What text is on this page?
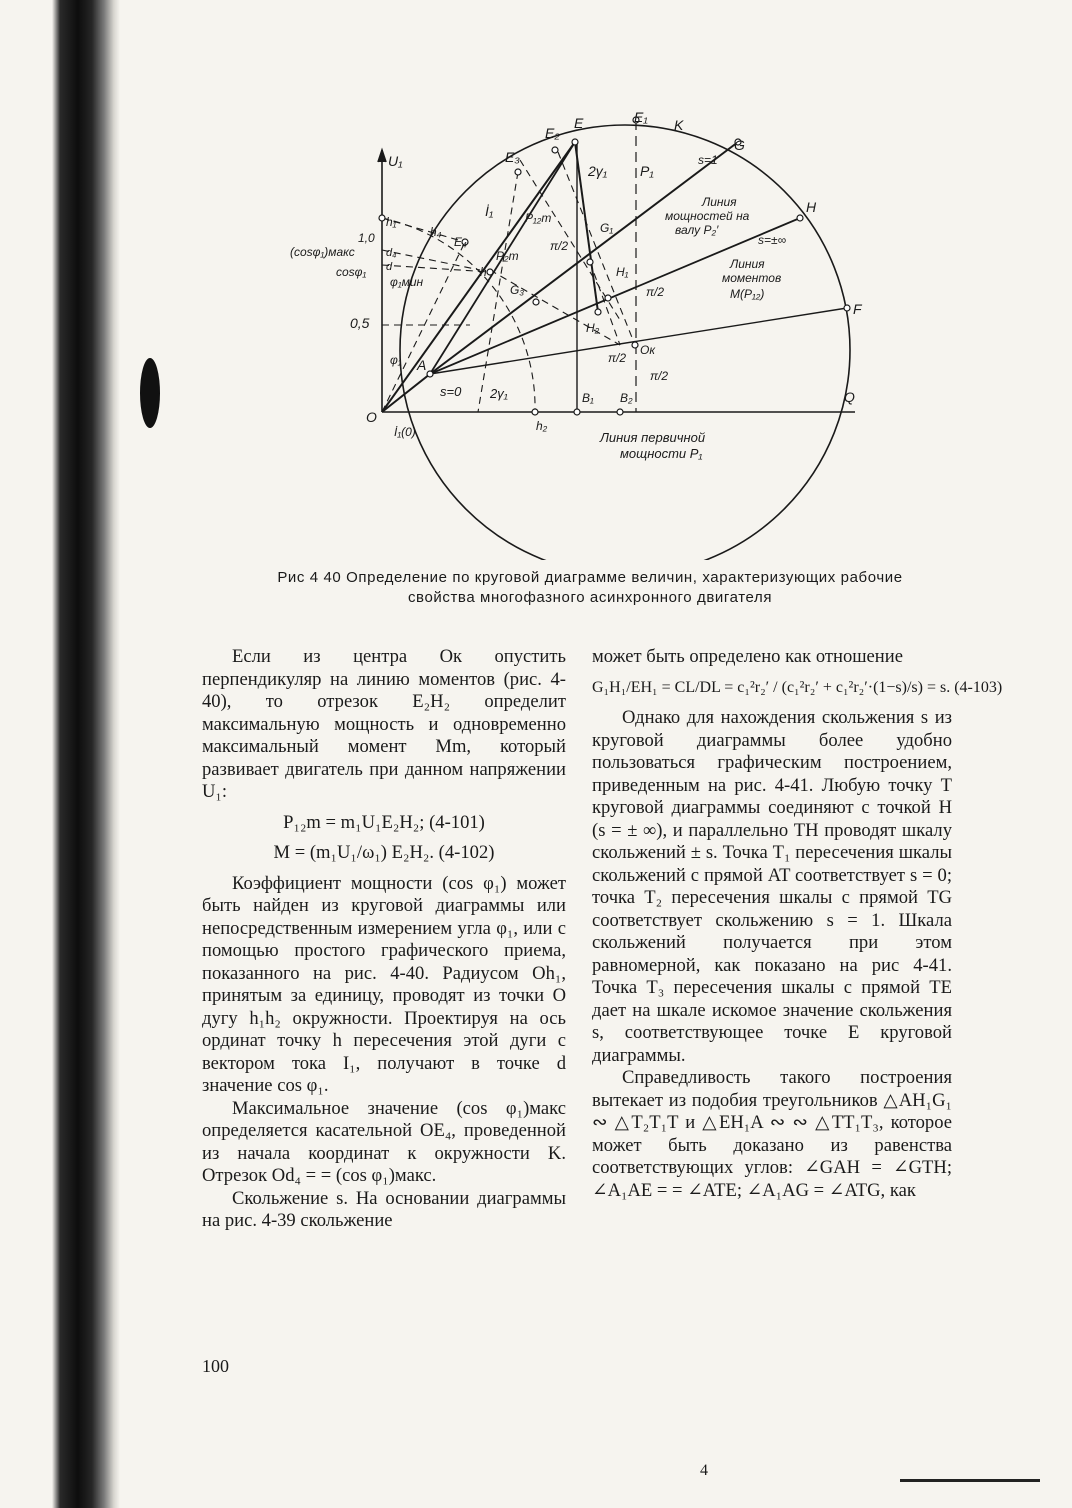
U₁
E₂
E	E₁ K
G
E₃	s=1
2γ₁ P₁
İ₁	P₁₂m
Линия
мощностей на
валу P₂′
h₁
1,0	h₄
E₄
(cosφ₁)макс	d₄
d
cosφ₁	h
P₂m
π/2
G₁
H
s=±∞
Линия
моментов
M(P₁₂)
H₁
φ₁мин
G₃	π/2
F
0,5	H₂
φ₁ A	π/2
Oк
s=0 2γ₁	B₁ B₂
π/2
O
Q
İ₁(0)	h₂
Линия первичной
мощности P₁
Рис 4 40 Определение по круговой диаграмме величин, характеризующих рабочие свойства многофазного асинхронного двигателя

Если из центра Oк опустить перпендикуляр на линию моментов (рис. 4-40), то отрезок E₂H₂ определит максимальную мощность и одновременно максимальный момент Mm, который развивает двигатель при данном напряжении U₁:

P₁₂m = m₁U₁E₂H₂; (4-101)

M = (m₁U₁/ω₁) E₂H₂. (4-102)

Коэффициент мощности (cos φ₁) может быть найден из круговой диаграммы или непосредственным измерением угла φ₁, или с помощью простого графического приема, показанного на рис. 4-40. Радиусом Oh₁, принятым за единицу, проводят из точки O дугу h₁h₂ окружности. Проектируя на ось ординат точку h пересечения этой дуги с вектором тока I₁, получают в точке d значение cos φ₁.

Максимальное значение (cos φ₁)макс определяется касательной OE₄, проведенной из начала координат к окружности K. Отрезок Od₄ = = (cos φ₁)макс.

Скольжение s. На основании диаграммы на рис. 4-39 скольжение

может быть определено как отношение

G₁H₁/EH₁ = CL/DL = c₁²r₂′ / (c₁²r₂′ + c₁²r₂′·(1−s)/s) = s. (4-103)

Однако для нахождения скольжения s из круговой диаграммы более удобно пользоваться графическим построением, приведенным на рис. 4-41. Любую точку T круговой диаграммы соединяют с точкой H (s = ± ∞), и параллельно TH проводят шкалу скольжений ± s. Точка T₁ пересечения шкалы скольжений с прямой AT соответствует s = 0; точка T₂ пересечения шкалы с прямой TG соответствует скольжению s = 1. Шкала скольжений получается при этом равномерной, как показано на рис 4-41. Точка T₃ пересечения шкалы с прямой TE дает на шкале искомое значение скольжения s, соответствующее точке E круговой диаграммы.

Справедливость такого построения вытекает из подобия треугольников △AH₁G₁ ∾ △T₂T₁T и △EH₁A ∾ ∾ △TT₁T₃, которое может быть доказано из равенства соответствующих углов: ∠GAH = ∠GTH; ∠A₁AE = = ∠ATE; ∠A₁AG = ∠ATG, как

100
4
